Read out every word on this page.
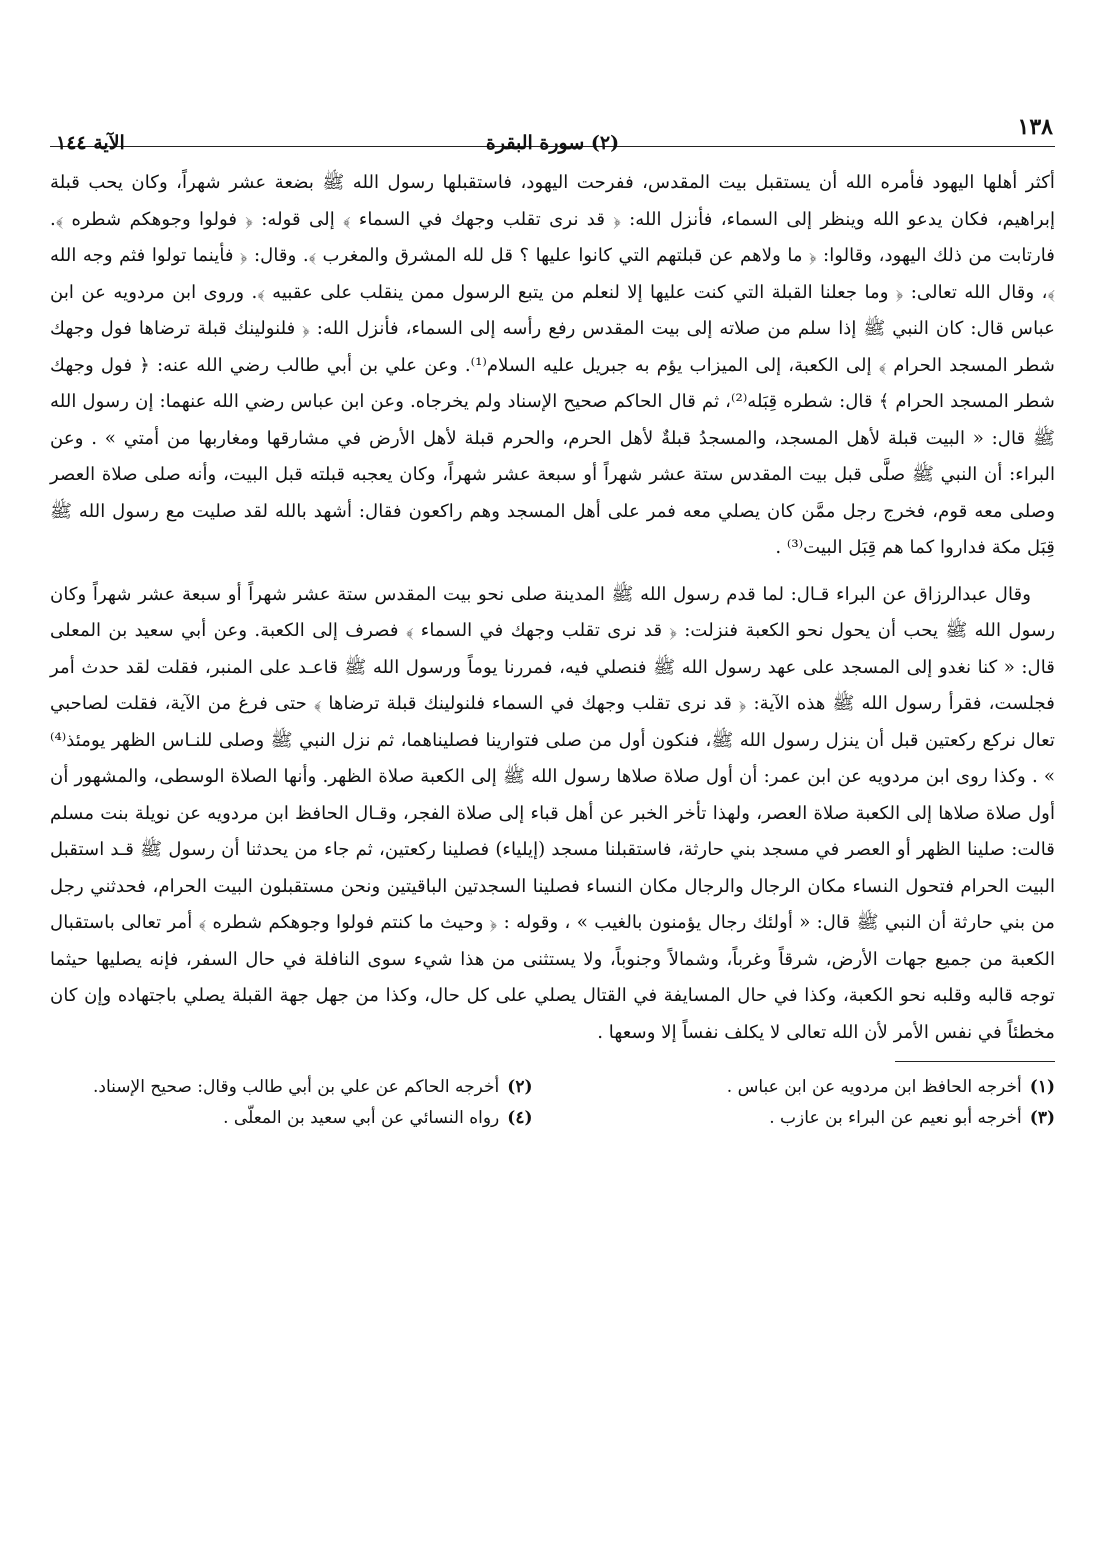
١٣٨
(٢) سورة البقرة
الآية ١٤٤

أكثر أهلها اليهود فأمره الله أن يستقبل بيت المقدس، ففرحت اليهود، فاستقبلها رسول الله ﷺ بضعة عشر شهراً، وكان يحب قبلة إبراهيم، فكان يدعو الله وينظر إلى السماء، فأنزل الله: ﴿ قد نرى تقلب وجهك في السماء ﴾ إلى قوله: ﴿ فولوا وجوهكم شطره ﴾. فارتابت من ذلك اليهود، وقالوا: ﴿ ما ولاهم عن قبلتهم التي كانوا عليها ؟ قل لله المشرق والمغرب ﴾. وقال: ﴿ فأينما تولوا فثم وجه الله ﴾، وقال الله تعالى: ﴿ وما جعلنا القبلة التي كنت عليها إلا لنعلم من يتبع الرسول ممن ينقلب على عقبيه ﴾. وروى ابن مردويه عن ابن عباس قال: كان النبي ﷺ إذا سلم من صلاته إلى بيت المقدس رفع رأسه إلى السماء، فأنزل الله: ﴿ فلنولينك قبلة ترضاها فول وجهك شطر المسجد الحرام ﴾ إلى الكعبة، إلى الميزاب يؤم به جبريل عليه السلام⁽¹⁾. وعن علي بن أبي طالب رضي الله عنه: ﴿ فول وجهك شطر المسجد الحرام ﴾ قال: شطره قِبَله⁽²⁾، ثم قال الحاكم صحيح الإسناد ولم يخرجاه. وعن ابن عباس رضي الله عنهما: إن رسول الله ﷺ قال: « البيت قبلة لأهل المسجد، والمسجدُ قبلةٌ لأهل الحرم، والحرم قبلة لأهل الأرض في مشارقها ومغاربها من أمتي » . وعن البراء: أن النبي ﷺ صلَّى قبل بيت المقدس ستة عشر شهراً أو سبعة عشر شهراً، وكان يعجبه قبلته قبل البيت، وأنه صلى صلاة العصر وصلى معه قوم، فخرج رجل ممَّن كان يصلي معه فمر على أهل المسجد وهم راكعون فقال: أشهد بالله لقد صليت مع رسول الله ﷺ قِبَل مكة فداروا كما هم قِبَل البيت⁽³⁾ .

وقال عبدالرزاق عن البراء قـال: لما قدم رسول الله ﷺ المدينة صلى نحو بيت المقدس ستة عشر شهراً أو سبعة عشر شهراً وكان رسول الله ﷺ يحب أن يحول نحو الكعبة فنزلت: ﴿ قد نرى تقلب وجهك في السماء ﴾ فصرف إلى الكعبة. وعن أبي سعيد بن المعلى قال: « كنا نغدو إلى المسجد على عهد رسول الله ﷺ فنصلي فيه، فمررنا يوماً ورسول الله ﷺ قاعـد على المنبر، فقلت لقد حدث أمر فجلست، فقرأ رسول الله ﷺ هذه الآية: ﴿ قد نرى تقلب وجهك في السماء فلنولينك قبلة ترضاها ﴾ حتى فرغ من الآية، فقلت لصاحبي تعال نركع ركعتين قبل أن ينزل رسول الله ﷺ، فنكون أول من صلى فتوارينا فصليناهما، ثم نزل النبي ﷺ وصلى للنـاس الظهر يومئذ⁽⁴⁾ » . وكذا روى ابن مردويه عن ابن عمر: أن أول صلاة صلاها رسول الله ﷺ إلى الكعبة صلاة الظهر. وأنها الصلاة الوسطى، والمشهور أن أول صلاة صلاها إلى الكعبة صلاة العصر، ولهذا تأخر الخبر عن أهل قباء إلى صلاة الفجر، وقـال الحافظ ابن مردويه عن نويلة بنت مسلم قالت: صلينا الظهر أو العصر في مسجد بني حارثة، فاستقبلنا مسجد (إيلياء) فصلينا ركعتين، ثم جاء من يحدثنا أن رسول ﷺ قـد استقبل البيت الحرام فتحول النساء مكان الرجال والرجال مكان النساء فصلينا السجدتين الباقيتين ونحن مستقبلون البيت الحرام، فحدثني رجل من بني حارثة أن النبي ﷺ قال: « أولئك رجال يؤمنون بالغيب » ، وقوله : ﴿ وحيث ما كنتم فولوا وجوهكم شطره ﴾ أمر تعالى باستقبال الكعبة من جميع جهات الأرض، شرقاً وغرباً، وشمالاً وجنوباً، ولا يستثنى من هذا شيء سوى النافلة في حال السفر، فإنه يصليها حيثما توجه قالبه وقلبه نحو الكعبة، وكذا في حال المسايفة في القتال يصلي على كل حال، وكذا من جهل جهة القبلة يصلي باجتهاده وإن كان مخطئاً في نفس الأمر لأن الله تعالى لا يكلف نفساً إلا وسعها .

(١)أخرجه الحافظ ابن مردويه عن ابن عباس .
(٢)أخرجه الحاكم عن علي بن أبي طالب وقال: صحيح الإسناد.
(٣)أخرجه أبو نعيم عن البراء بن عازب .
(٤)رواه النسائي عن أبي سعيد بن المعلّى .
